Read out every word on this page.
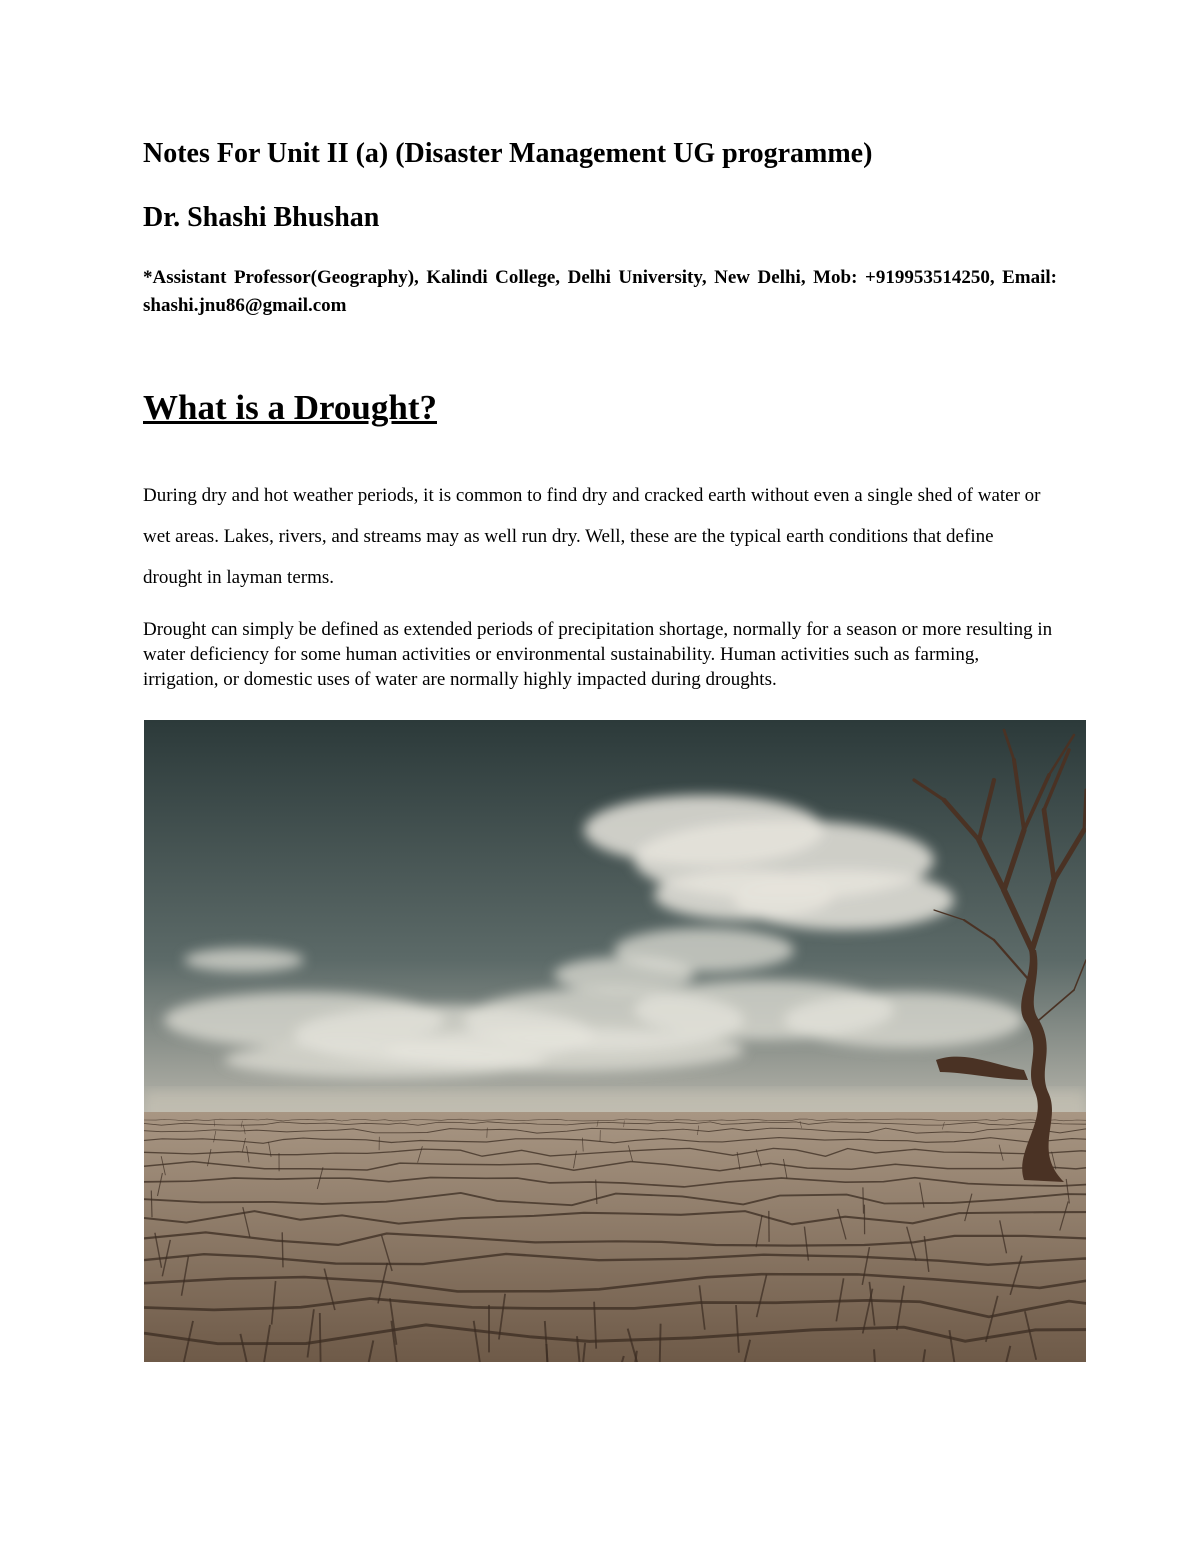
Notes For Unit II (a) (Disaster Management UG programme)
Dr. Shashi Bhushan

*Assistant Professor(Geography), Kalindi College, Delhi University, New Delhi, Mob: +919953514250, Email: shashi.jnu86@gmail.com

What is a Drought?

During dry and hot weather periods, it is common to find dry and cracked earth without even a single shed of water or wet areas. Lakes, rivers, and streams may as well run dry. Well, these are the typical earth conditions that define drought in layman terms.

Drought can simply be defined as extended periods of precipitation shortage, normally for a season or more resulting in water deficiency for some human activities or environmental sustainability. Human activities such as farming, irrigation, or domestic uses of water are normally highly impacted during droughts.
